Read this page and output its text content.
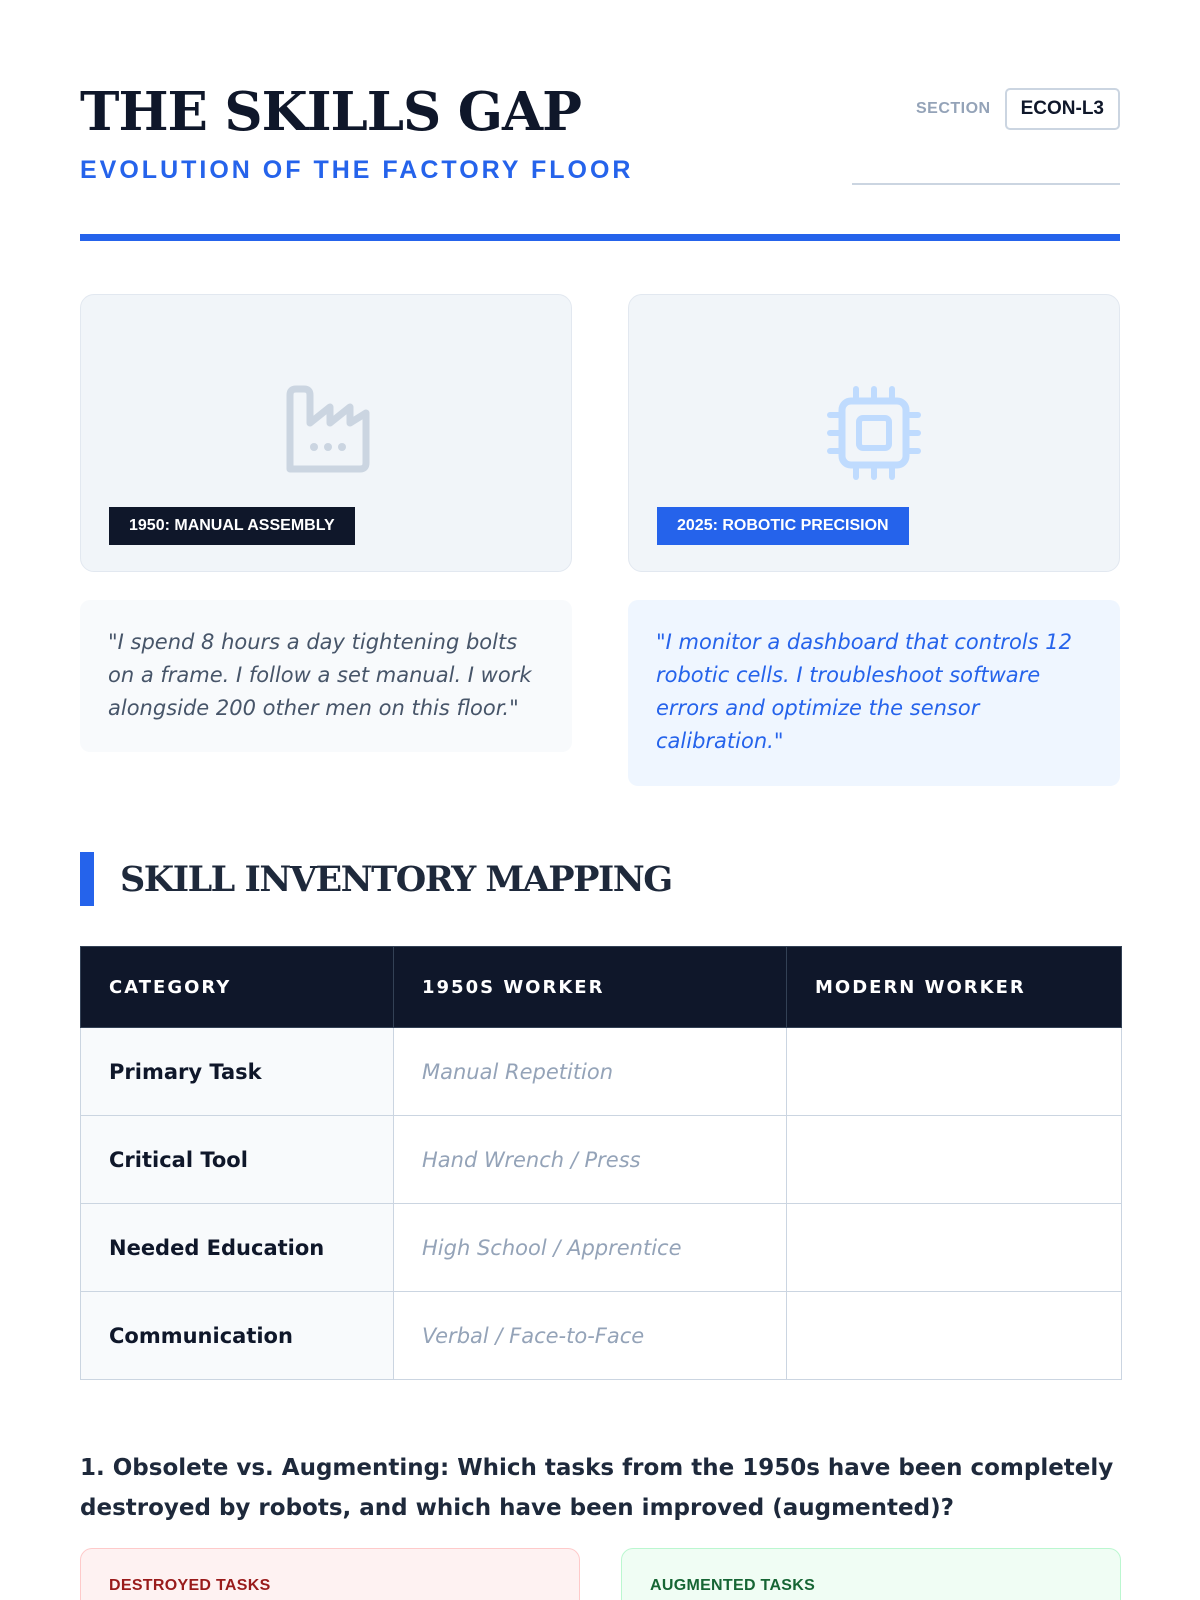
THE SKILLS GAP
EVOLUTION OF THE FACTORY FLOOR
SECTION	ECON-L3
1950: MANUAL ASSEMBLY	2025: ROBOTIC PRECISION
"I spend 8 hours a day tightening bolts on a frame. I follow a set manual. I work alongside 200 other men on this floor."
"I monitor a dashboard that controls 12 robotic cells. I troubleshoot software errors and optimize the sensor calibration."
SKILL INVENTORY MAPPING
CATEGORY	1950S WORKER	MODERN WORKER
Primary Task	Manual Repetition	
Critical Tool	Hand Wrench / Press	
Needed Education	High School / Apprentice	
Communication	Verbal / Face-to-Face	

1. Obsolete vs. Augmenting: Which tasks from the 1950s have been completely destroyed by robots, and which have been improved (augmented)?

DESTROYED TASKS	AUGMENTED TASKS
